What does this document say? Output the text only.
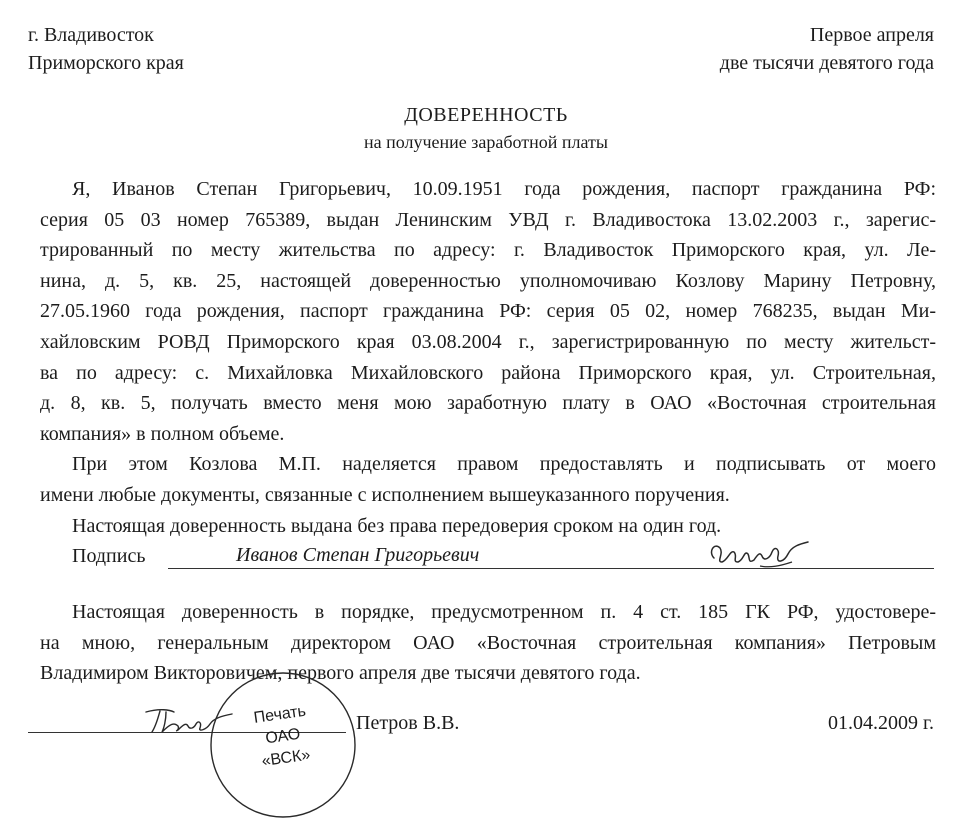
г. Владивосток
Приморского края
Первое апреля
две тысячи девятого года
ДОВЕРЕННОСТЬ
на получение заработной платы
Я, Иванов Степан Григорьевич, 10.09.1951 года рождения, паспорт гражданина РФ:
серия 05 03 номер 765389, выдан Ленинским УВД г. Владивостока 13.02.2003 г., зарегис-
трированный по месту жительства по адресу: г. Владивосток Приморского края, ул. Ле-
нина, д. 5, кв. 25, настоящей доверенностью уполномочиваю Козлову Марину Петровну,
27.05.1960 года рождения, паспорт гражданина РФ: серия 05 02, номер 768235, выдан Ми-
хайловским РОВД Приморского края 03.08.2004 г., зарегистрированную по месту жительст-
ва по адресу: с. Михайловка Михайловского района Приморского края, ул. Строительная,
д. 8, кв. 5, получать вместо меня мою заработную плату в ОАО «Восточная строительная
компания» в полном объеме.
При этом Козлова М.П. наделяется правом предоставлять и подписывать от моего
имени любые документы, связанные с исполнением вышеуказанного поручения.
Настоящая доверенность выдана без права передоверия сроком на один год.
Подпись	Иванов Степан Григорьевич
Настоящая доверенность в порядке, предусмотренном п. 4 ст. 185 ГК РФ, удостовере-
на мною, генеральным директором ОАО «Восточная строительная компания» Петровым
Владимиром Викторовичем, первого апреля две тысячи девятого года.
Петров В.В.	01.04.2009 г.
Печать
ОАО
«ВСК»
